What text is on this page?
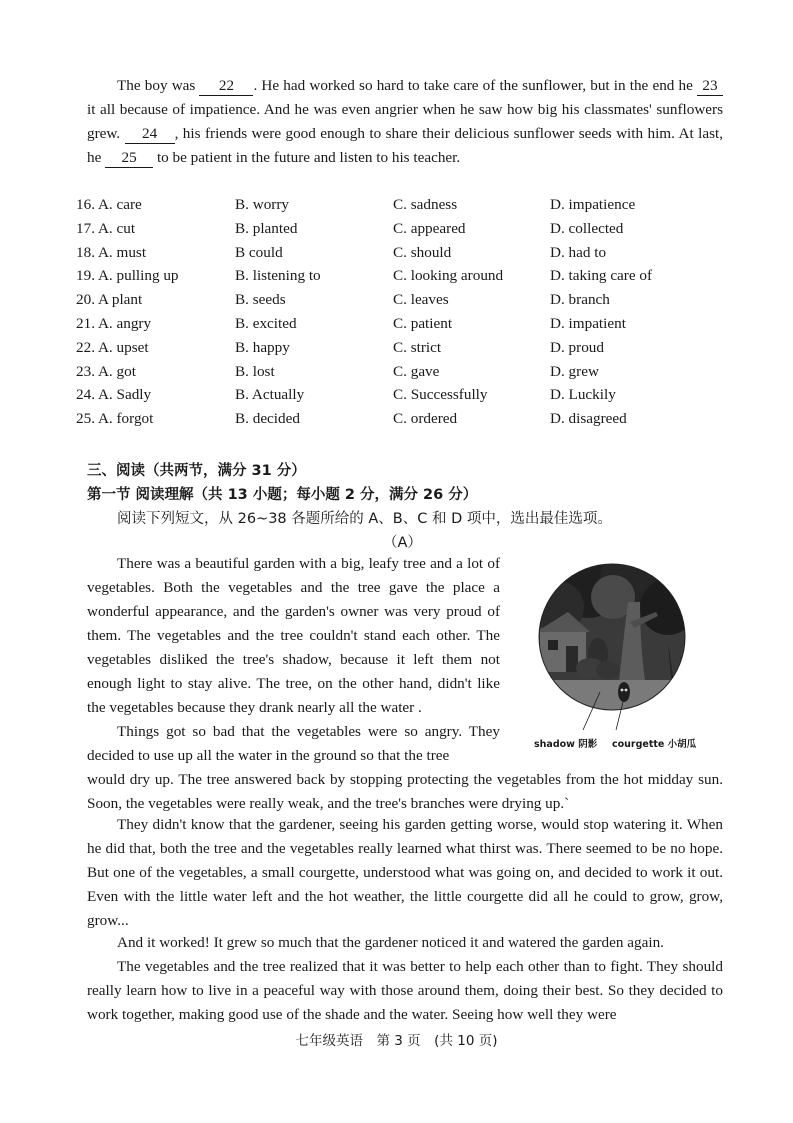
The boy was 22 . He had worked so hard to take care of the sunflower, but in the end he 23 it all because of impatience. And he was even angrier when he saw how big his classmates' sunflowers grew. 24 , his friends were good enough to share their delicious sunflower seeds with him. At last, he 25 to be patient in the future and listen to his teacher.

16. A. care	B. worry	C. sadness	D. impatience
17. A. cut	B. planted	C. appeared	D. collected
18. A. must	B could	C. should	D. had to
19. A. pulling up	B. listening to	C. looking around	D. taking care of
20. A plant	B. seeds	C. leaves	D. branch
21. A. angry	B. excited	C. patient	D. impatient
22. A. upset	B. happy	C. strict	D. proud
23. A. got	B. lost	C. gave	D. grew
24. A. Sadly	B. Actually	C. Successfully	D. Luckily
25. A. forgot	B. decided	C. ordered	D. disagreed
三、阅读（共两节，满分 31 分）
第一节 阅读理解（共 13 小题；每小题 2 分，满分 26 分）
阅读下列短文，从 26~38 各题所给的 A、B、C 和 D 项中，选出最佳选项。
（A）

There was a beautiful garden with a big, leafy tree and a lot of vegetables. Both the vegetables and the tree gave the place a wonderful appearance, and the garden's owner was very proud of them. The vegetables and the tree couldn't stand each other. The vegetables disliked the tree's shadow, because it left them not enough light to stay alive. The tree, on the other hand, didn't like the vegetables because they drank nearly all the water .

Things got so bad that the vegetables were so angry. They decided to use up all the water in the ground so that the tree

would dry up. The tree answered back by stopping protecting the vegetables from the hot midday sun. Soon, the vegetables were really weak, and the tree's branches were drying up.`

They didn't know that the gardener, seeing his garden getting worse, would stop watering it. When he did that, both the tree and the vegetables really learned what thirst was. There seemed to be no hope. But one of the vegetables, a small courgette, understood what was going on, and decided to work it out. Even with the little water left and the hot weather, the little courgette did all he could to grow, grow, grow...

And it worked! It grew so much that the gardener noticed it and watered the garden again.

The vegetables and the tree realized that it was better to help each other than to fight. They should really learn how to live in a peaceful way with those around them, doing their best. So they decided to work together, making good use of the shade and the water. Seeing how well they were

shadow 阴影 courgette 小胡瓜
七年级英语　第 3 页　(共 10 页)
